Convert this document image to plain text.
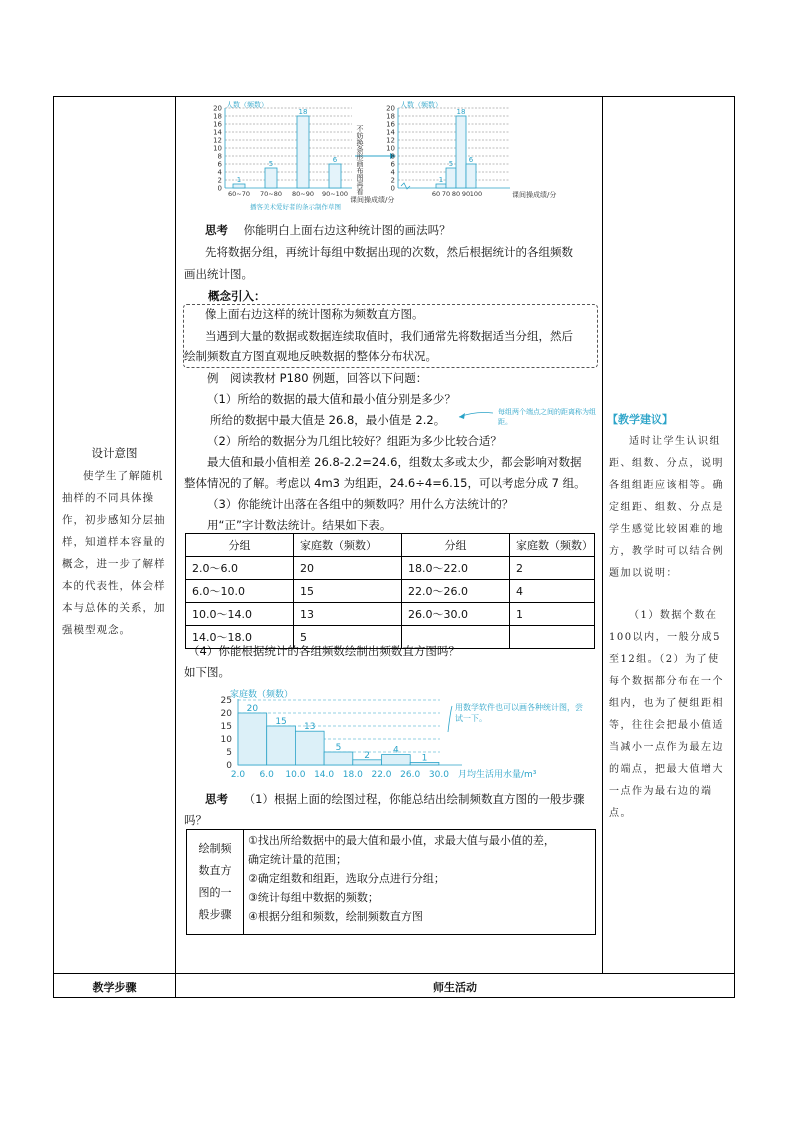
人数（频数）
20
18
16
14
12
10
8
6
4
2
0
1
5
18
6
60~70 70~80 80~90 90~100
课间操成绩/分
播客美术爱好者的条示制作草图
不妨换条形画布图再看
人数（频数）
20
18
16
14
12
10
8
6
4
2
0
1
5
18
6
60 70 80 90 100	课间操成绩/分
思考 你能明白上面右边这种统计图的画法吗？
先将数据分组，再统计每组中数据出现的次数，然后根据统计的各组频数
画出统计图。
概念引入：
像上面右边这样的统计图称为频数直方图。
当遇到大量的数据或数据连续取值时，我们通常先将数据适当分组，然后
绘制频数直方图直观地反映数据的整体分布状况。
例　阅读教材 P180 例题，回答以下问题：
（1）所给的数据的最大值和最小值分别是多少？
所给的数据中最大值是 26.8，最小值是 2.2。
每组两个端点之间的距离称为组距。
（2）所给的数据分为几组比较好？组距为多少比较合适？
最大值和最小值相差 26.8-2.2=24.6，组数太多或太少，都会影响对数据
整体情况的了解。考虑以 4m3 为组距，24.6÷4=6.15，可以考虑分成 7 组。
（3）你能统计出落在各组中的频数吗？用什么方法统计的？
用“正”字计数法统计。结果如下表。
分组	家庭数（频数）	分组	家庭数（频数）
2.0～6.0	20	18.0～22.0	2
6.0～10.0	15	22.0～26.0	4
10.0～14.0	13	26.0～30.0	1
14.0～18.0	5		
（4）你能根据统计的各组频数绘制出频数直方图吗？
如下图。
家庭数（频数）
25
20
15
10
5
0
20
15
13
5
2
4
1
2.0 6.0 10.0 14.0 18.0 22.0 26.0 30.0 月均生活用水量/m³
用数学软件也可以画各种统计图，尝试一下。
思考 （1）根据上面的绘图过程，你能总结出绘制频数直方图的一般步骤
吗？
绘制频
数直方
图的一
般步骤
①找出所给数据中的最大值和最小值，求最大值与最小值的差，
确定统计量的范围；
②确定组数和组距，选取分点进行分组；
③统计每组中数据的频数；
④根据分组和频数，绘制频数直方图
设计意图
使学生了解随机抽样的不同具体操作，初步感知分层抽样，知道样本容量的概念，进一步了解样本的代表性，体会样本与总体的关系，加强模型观念。
【教学建议】
适时让学生认识组距、组数、分点，说明各组组距应该相等。确定组距、组数、分点是学生感觉比较困难的地方，教学时可以结合例题加以说明：
（1）数据个数在100以内，一般分成5至12组。（2）为了使每个数据都分布在一个组内，也为了便组距相等，往往会把最小值适当减小一点作为最左边的端点，把最大值增大一点作为最右边的端点。
教学步骤	师生活动
